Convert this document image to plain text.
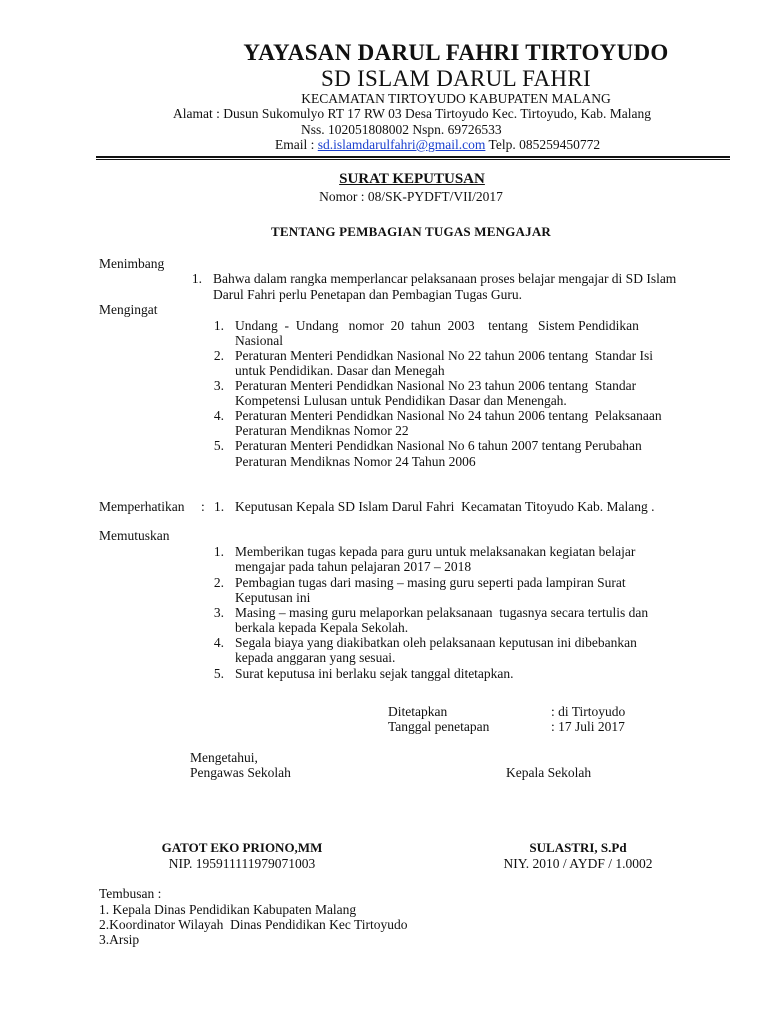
YAYASAN DARUL FAHRI TIRTOYUDO
SD ISLAM DARUL FAHRI
KECAMATAN TIRTOYUDO KABUPATEN MALANG
Alamat : Dusun Sukomulyo RT 17 RW 03 Desa Tirtoyudo Kec. Tirtoyudo, Kab. Malang
Nss. 102051808002 Nspn. 69726533
Email : sd.islamdarulfahri@gmail.com Telp. 085259450772
SURAT KEPUTUSAN
Nomor : 08/SK-PYDFT/VII/2017
TENTANG PEMBAGIAN TUGAS MENGAJAR
Menimbang
1. Bahwa dalam rangka memperlancar pelaksanaan proses belajar mengajar di SD Islam Darul Fahri perlu Penetapan dan Pembagian Tugas Guru.
Mengingat
1. Undang  -  Undang   nomor  20  tahun  2003    tentang   Sistem Pendidikan
Nasional
2. Peraturan Menteri Pendidkan Nasional No 22 tahun 2006 tentang  Standar Isi
untuk Pendidikan. Dasar dan Menegah
3. Peraturan Menteri Pendidkan Nasional No 23 tahun 2006 tentang  Standar
Kompetensi Lulusan untuk Pendidikan Dasar dan Menengah.
4. Peraturan Menteri Pendidkan Nasional No 24 tahun 2006 tentang  Pelaksanaan
Peraturan Mendiknas Nomor 22
5. Peraturan Menteri Pendidkan Nasional No 6 tahun 2007 tentang Perubahan
Peraturan Mendiknas Nomor 24 Tahun 2006
Memperhatikan : 1. Keputusan Kepala SD Islam Darul Fahri  Kecamatan Titoyudo Kab. Malang .
Memutuskan
1. Memberikan tugas kepada para guru untuk melaksanakan kegiatan belajar
mengajar pada tahun pelajaran 2017 – 2018
2. Pembagian tugas dari masing – masing guru seperti pada lampiran Surat
Keputusan ini
3. Masing – masing guru melaporkan pelaksanaan  tugasnya secara tertulis dan
berkala kepada Kepala Sekolah.
4. Segala biaya yang diakibatkan oleh pelaksanaan keputusan ini dibebankan
kepada anggaran yang sesuai.
5. Surat keputusa ini berlaku sejak tanggal ditetapkan.
Ditetapkan	: di Tirtoyudo
Tanggal penetapan	: 17 Juli 2017
Mengetahui,
Pengawas Sekolah	Kepala Sekolah
GATOT EKO PRIONO,MM
NIP. 195911111979071003
SULASTRI, S.Pd
NIY. 2010 / AYDF / 1.0002
Tembusan :
1. Kepala Dinas Pendidikan Kabupaten Malang
2.Koordinator Wilayah  Dinas Pendidikan Kec Tirtoyudo
3.Arsip
